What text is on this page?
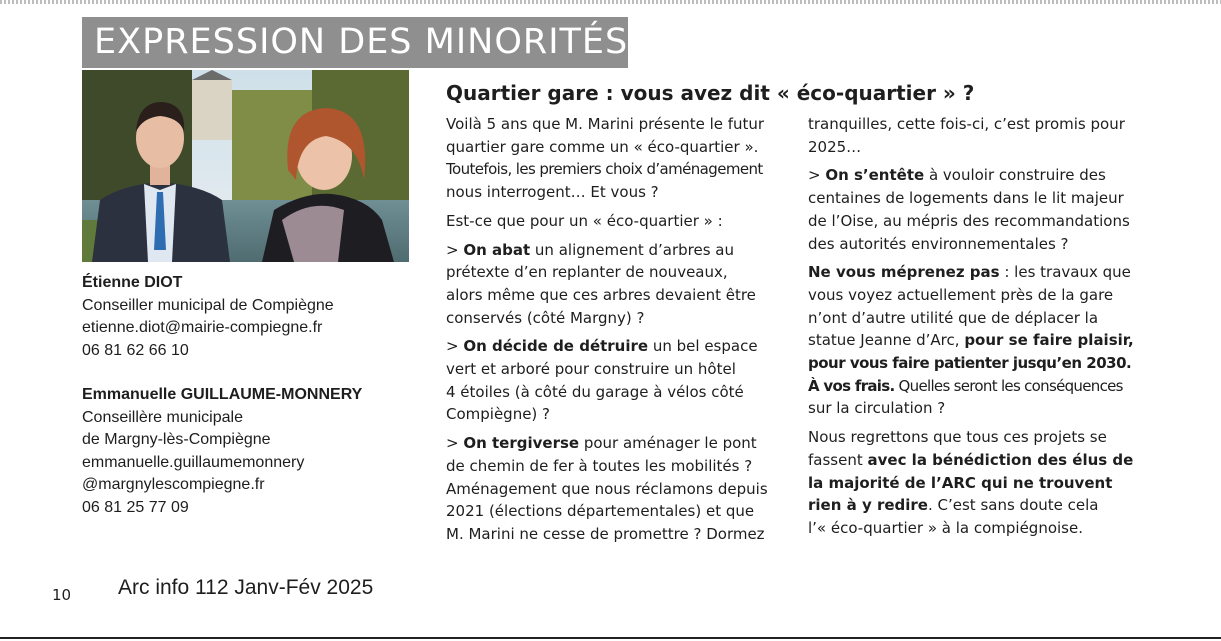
EXPRESSION DES MINORITÉS
Étienne DIOT
Conseiller municipal de Compiègne
etienne.diot@mairie-compiegne.fr
06 81 62 66 10
Emmanuelle GUILLAUME-MONNERY
Conseillère municipale
de Margny-lès-Compiègne
emmanuelle.guillaumemonnery
@margnylescompiegne.fr
06 81 25 77 09
Quartier gare : vous avez dit « éco-quartier » ?

Voilà 5 ans que M. Marini présente le futur
quartier gare comme un « éco-quartier ».
Toutefois, les premiers choix d’aménagement
nous interrogent… Et vous ?

Est-ce que pour un « éco-quartier » :

> On abat un alignement d’arbres au
prétexte d’en replanter de nouveaux,
alors même que ces arbres devaient être
conservés (côté Margny) ?

> On décide de détruire un bel espace
vert et arboré pour construire un hôtel
4 étoiles (à côté du garage à vélos côté
Compiègne) ?

> On tergiverse pour aménager le pont
de chemin de fer à toutes les mobilités ?
Aménagement que nous réclamons depuis
2021 (élections départementales) et que
M. Marini ne cesse de promettre ? Dormez

tranquilles, cette fois-ci, c’est promis pour
2025…

> On s’entête à vouloir construire des
centaines de logements dans le lit majeur
de l’Oise, au mépris des recommandations
des autorités environnementales ?

Ne vous méprenez pas : les travaux que
vous voyez actuellement près de la gare
n’ont d’autre utilité que de déplacer la
statue Jeanne d’Arc, pour se faire plaisir,
pour vous faire patienter jusqu’en 2030.
À vos frais. Quelles seront les conséquences
sur la circulation ?

Nous regrettons que tous ces projets se
fassent avec la bénédiction des élus de
la majorité de l’ARC qui ne trouvent
rien à y redire. C’est sans doute cela
l’« éco-quartier » à la compiégnoise.

10 Arc info 112 Janv-Fév 2025
